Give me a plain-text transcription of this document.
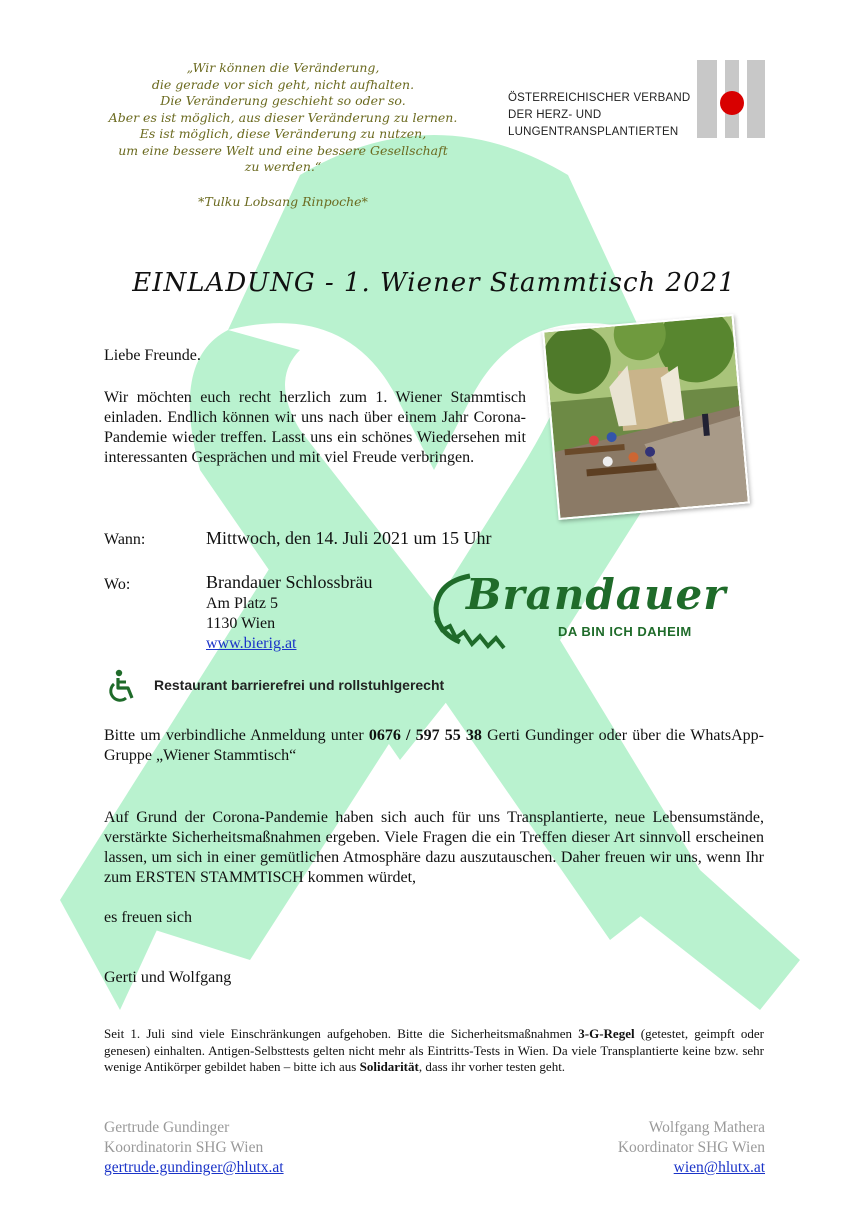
„Wir können die Veränderung,
die gerade vor sich geht, nicht aufhalten.
Die Veränderung geschieht so oder so.
Aber es ist möglich, aus dieser Veränderung zu lernen.
Es ist möglich, diese Veränderung zu nutzen,
um eine bessere Welt und eine bessere Gesellschaft
zu werden.“
*Tulku Lobsang Rinpoche*
ÖSTERREICHISCHER VERBAND
DER HERZ- UND
LUNGENTRANSPLANTIERTEN
EINLADUNG - 1. Wiener Stammtisch 2021
Liebe Freunde.
Wir möchten euch recht herzlich zum 1. Wiener Stammtisch einladen. Endlich können wir uns nach über einem Jahr Corona-Pandemie wieder treffen. Lasst uns ein schönes Wiedersehen mit interessanten Gesprächen und mit viel Freude verbringen.
Wann:	Mittwoch, den 14. Juli 2021 um 15 Uhr
Wo:	Brandauer Schlossbräu
Am Platz 5
1130 Wien
www.bierig.at
Brandauer
DA BIN ICH DAHEIM
Restaurant barrierefrei und rollstuhlgerecht
Bitte um verbindliche Anmeldung unter 0676 / 597 55 38 Gerti Gundinger oder über die WhatsApp-Gruppe „Wiener Stammtisch“
Auf Grund der Corona-Pandemie haben sich auch für uns Transplantierte, neue Lebensumstände, verstärkte Sicherheitsmaßnahmen ergeben. Viele Fragen die ein Treffen dieser Art sinnvoll erscheinen lassen, um sich in einer gemütlichen Atmosphäre dazu auszutauschen. Daher freuen wir uns, wenn Ihr zum ERSTEN STAMMTISCH kommen würdet,
es freuen sich
Gerti und Wolfgang
Seit 1. Juli sind viele Einschränkungen aufgehoben. Bitte die Sicherheitsmaßnahmen 3-G-Regel (getestet, geimpft oder genesen) einhalten. Antigen-Selbsttests gelten nicht mehr als Eintritts-Tests in Wien. Da viele Transplantierte keine bzw. sehr wenige Antikörper gebildet haben – bitte ich aus Solidarität, dass ihr vorher testen geht.
Gertrude Gundinger
Koordinatorin SHG Wien
gertrude.gundinger@hlutx.at
Wolfgang Mathera
Koordinator SHG Wien
wien@hlutx.at
